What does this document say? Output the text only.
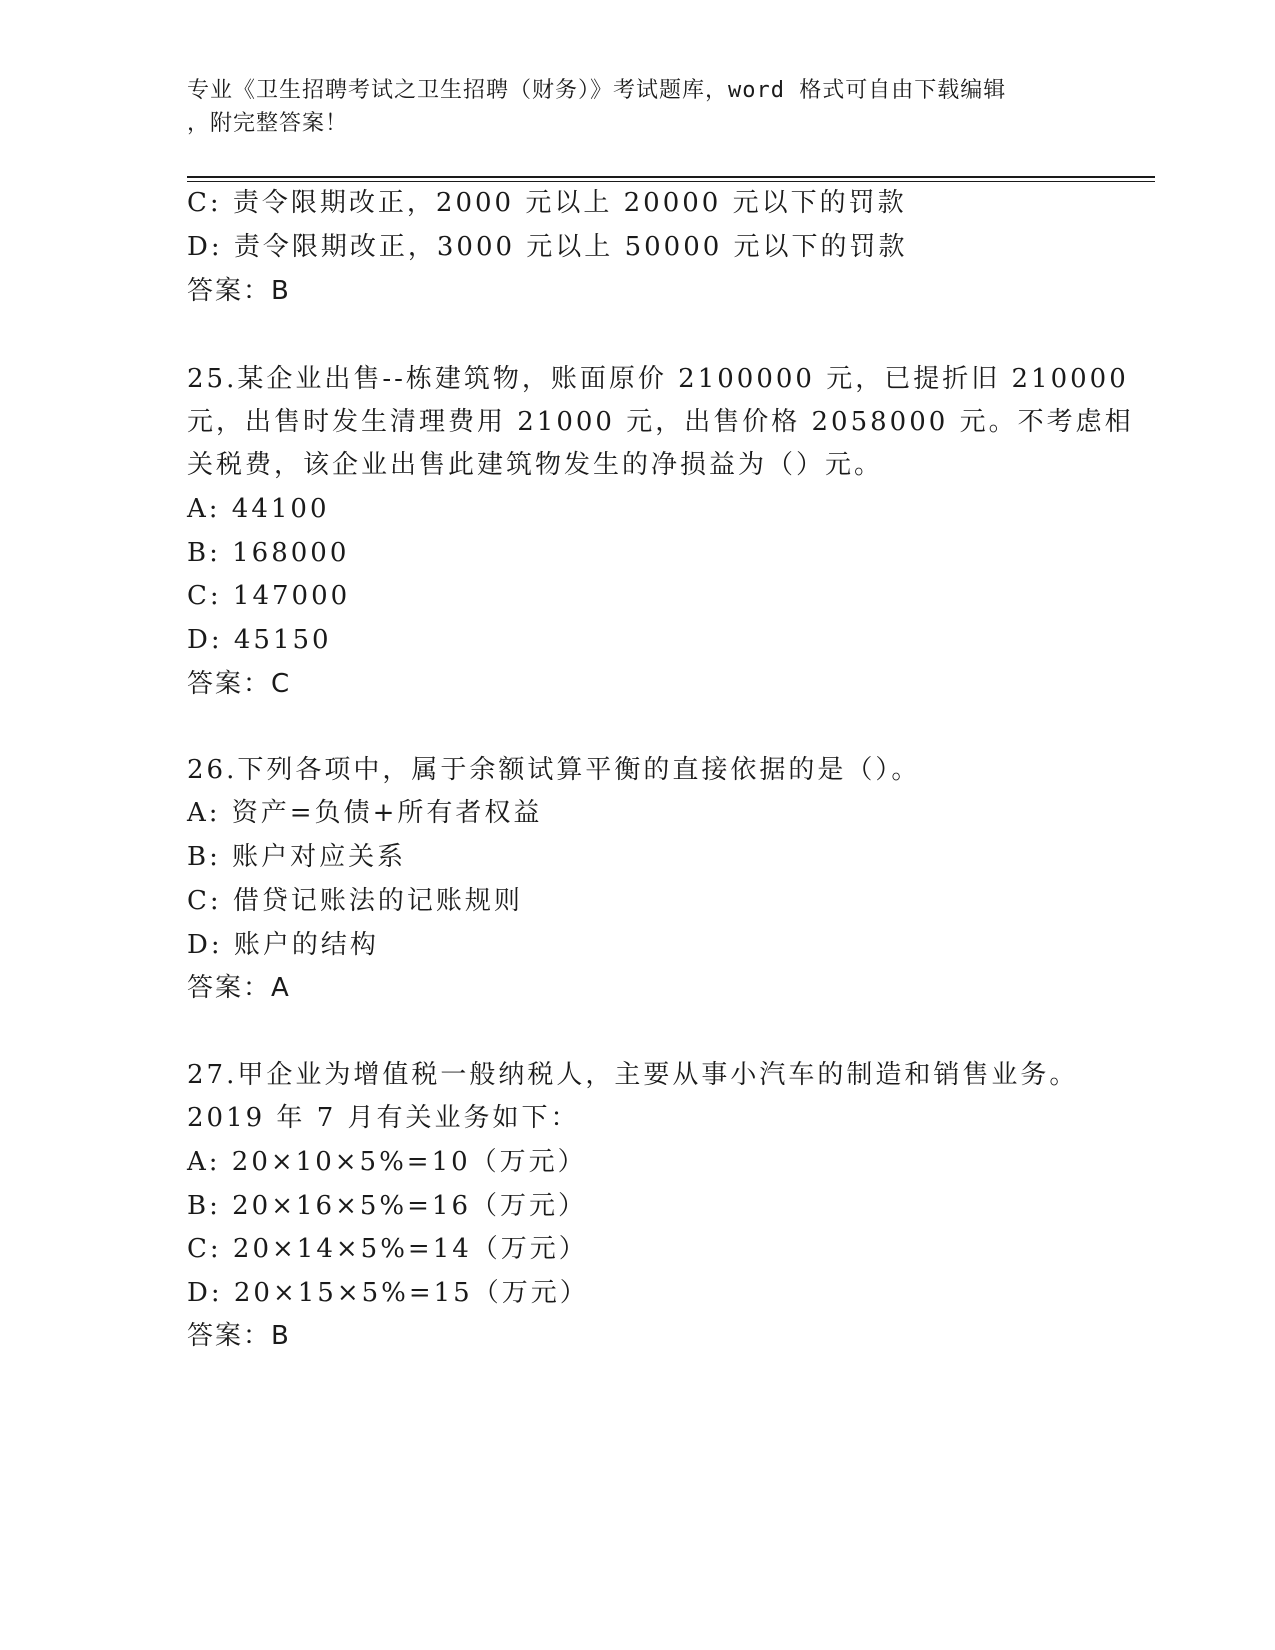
专业《卫生招聘考试之卫生招聘（财务）》考试题库，word 格式可自由下载编辑
，附完整答案！
C: 责令限期改正，2000 元以上 20000 元以下的罚款
D: 责令限期改正，3000 元以上 50000 元以下的罚款
答案：B
25.某企业出售--栋建筑物，账面原价 2100000 元，已提折旧 210000
元，出售时发生清理费用 21000 元，出售价格 2058000 元。不考虑相
关税费，该企业出售此建筑物发生的净损益为（）元。
A: 44100
B: 168000
C: 147000
D: 45150
答案：C
26.下列各项中，属于余额试算平衡的直接依据的是（）。
A: 资产=负债+所有者权益
B: 账户对应关系
C: 借贷记账法的记账规则
D: 账户的结构
答案：A
27.甲企业为增值税一般纳税人，主要从事小汽车的制造和销售业务。
2019 年 7 月有关业务如下：
A: 20×10×5%=10（万元）
B: 20×16×5%=16（万元）
C: 20×14×5%=14（万元）
D: 20×15×5%=15（万元）
答案：B
